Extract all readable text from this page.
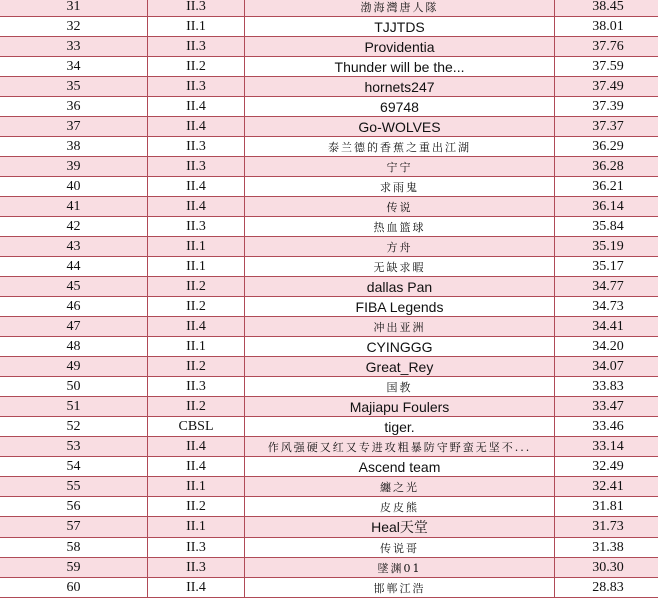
31	II.3	渤海灣唐人隊	38.45
32	II.1	TJJTDS	38.01
33	II.3	Providentia	37.76
34	II.2	Thunder will be the...	37.59
35	II.3	hornets247	37.49
36	II.4	69748	37.39
37	II.4	Go-WOLVES	37.37
38	II.3	泰兰德的香蕉之重出江湖	36.29
39	II.3	宁宁	36.28
40	II.4	求雨鬼	36.21
41	II.4	传说	36.14
42	II.3	热血篮球	35.84
43	II.1	方舟	35.19
44	II.1	无缺求暇	35.17
45	II.2	dallas Pan	34.77
46	II.2	FIBA Legends	34.73
47	II.4	冲出亚洲	34.41
48	II.1	CYINGGG	34.20
49	II.2	Great_Rey	34.07
50	II.3	国教	33.83
51	II.2	Majiapu Foulers	33.47
52	CBSL	tiger.	33.46
53	II.4	作风强硬又红又专进攻粗暴防守野蛮无坚不...	33.14
54	II.4	Ascend team	32.49
55	II.1	纏之光	32.41
56	II.2	皮皮熊	31.81
57	II.1	Heal天堂	31.73
58	II.3	传说哥	31.38
59	II.3	墜渊01	30.30
60	II.4	邯郸江浩	28.83
